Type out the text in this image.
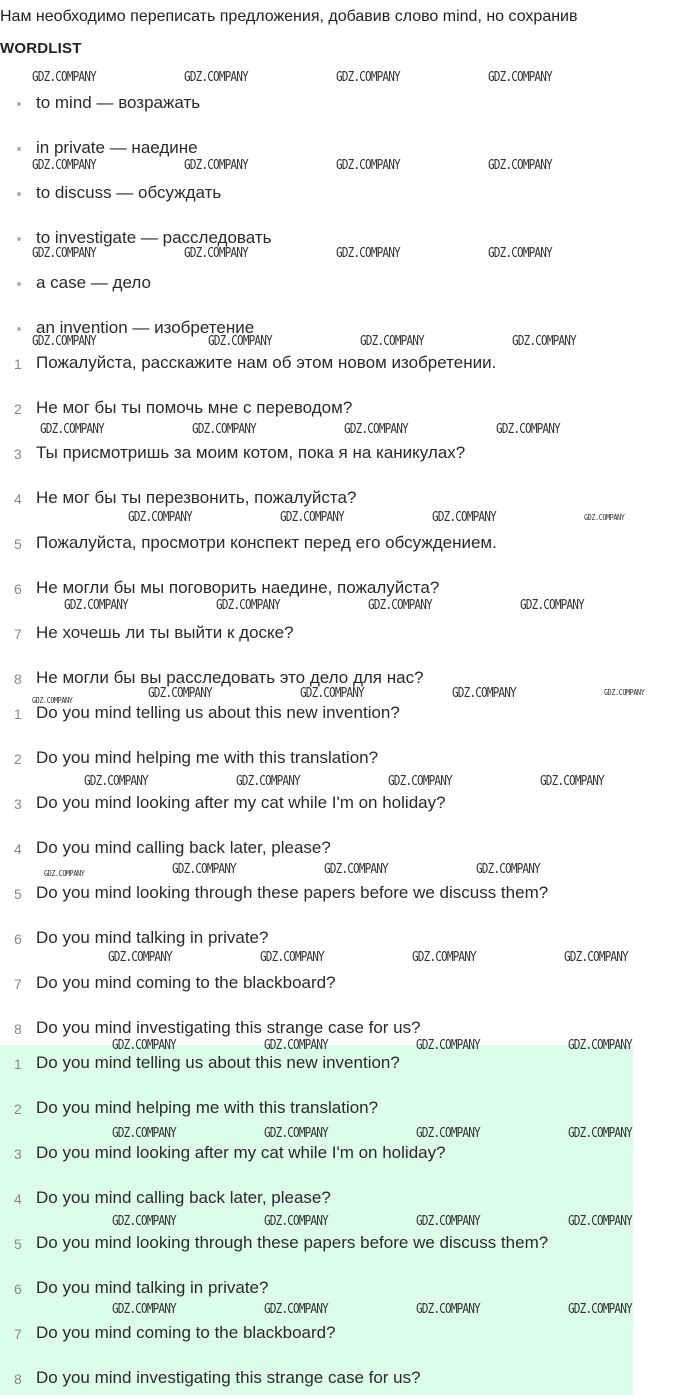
Нам необходимо переписать предложения, добавив слово mind, но сохранив
WORDLIST
to mind — возражать
in private — наедине
to discuss — обсуждать
to investigate — расследовать
a case — дело
an invention — изобретение
1 Пожалуйста, расскажите нам об этом новом изобретении.
2 Не мог бы ты помочь мне с переводом?
3 Ты присмотришь за моим котом, пока я на каникулах?
4 Не мог бы ты перезвонить, пожалуйста?
5 Пожалуйста, просмотри конспект перед его обсуждением.
6 Не могли бы мы поговорить наедине, пожалуйста?
7 Не хочешь ли ты выйти к доске?
8 Не могли бы вы расследовать это дело для нас?
1 Do you mind telling us about this new invention?
2 Do you mind helping me with this translation?
3 Do you mind looking after my cat while I'm on holiday?
4 Do you mind calling back later, please?
5 Do you mind looking through these papers before we discuss them?
6 Do you mind talking in private?
7 Do you mind coming to the blackboard?
8 Do you mind investigating this strange case for us?
1 Do you mind telling us about this new invention?
2 Do you mind helping me with this translation?
3 Do you mind looking after my cat while I'm on holiday?
4 Do you mind calling back later, please?
5 Do you mind looking through these papers before we discuss them?
6 Do you mind talking in private?
7 Do you mind coming to the blackboard?
8 Do you mind investigating this strange case for us?
GDZ.COMPANY	GDZ.COMPANY	GDZ.COMPANY	GDZ.COMPANY
GDZ.COMPANY	GDZ.COMPANY	GDZ.COMPANY	GDZ.COMPANY
GDZ.COMPANY	GDZ.COMPANY	GDZ.COMPANY	GDZ.COMPANY
GDZ.COMPANY	GDZ.COMPANY	GDZ.COMPANY	GDZ.COMPANY
GDZ.COMPANY	GDZ.COMPANY	GDZ.COMPANY	GDZ.COMPANY
GDZ.COMPANY	GDZ.COMPANY	GDZ.COMPANY
GDZ.COMPANY	GDZ.COMPANY	GDZ.COMPANY	GDZ.COMPANY
GDZ.COMPANY	GDZ.COMPANY	GDZ.COMPANY
GDZ.COMPANY	GDZ.COMPANY	GDZ.COMPANY	GDZ.COMPANY
GDZ.COMPANY	GDZ.COMPANY	GDZ.COMPANY
GDZ.COMPANY	GDZ.COMPANY	GDZ.COMPANY	GDZ.COMPANY
GDZ.COMPANY	GDZ.COMPANY	GDZ.COMPANY	GDZ.COMPANY
GDZ.COMPANY	GDZ.COMPANY	GDZ.COMPANY	GDZ.COMPANY
GDZ.COMPANY	GDZ.COMPANY	GDZ.COMPANY	GDZ.COMPANY
GDZ.COMPANY	GDZ.COMPANY	GDZ.COMPANY	GDZ.COMPANY
GDZ.COMPANY
GDZ.COMPANY
GDZ.COMPANY
GDZ.COMPANY
